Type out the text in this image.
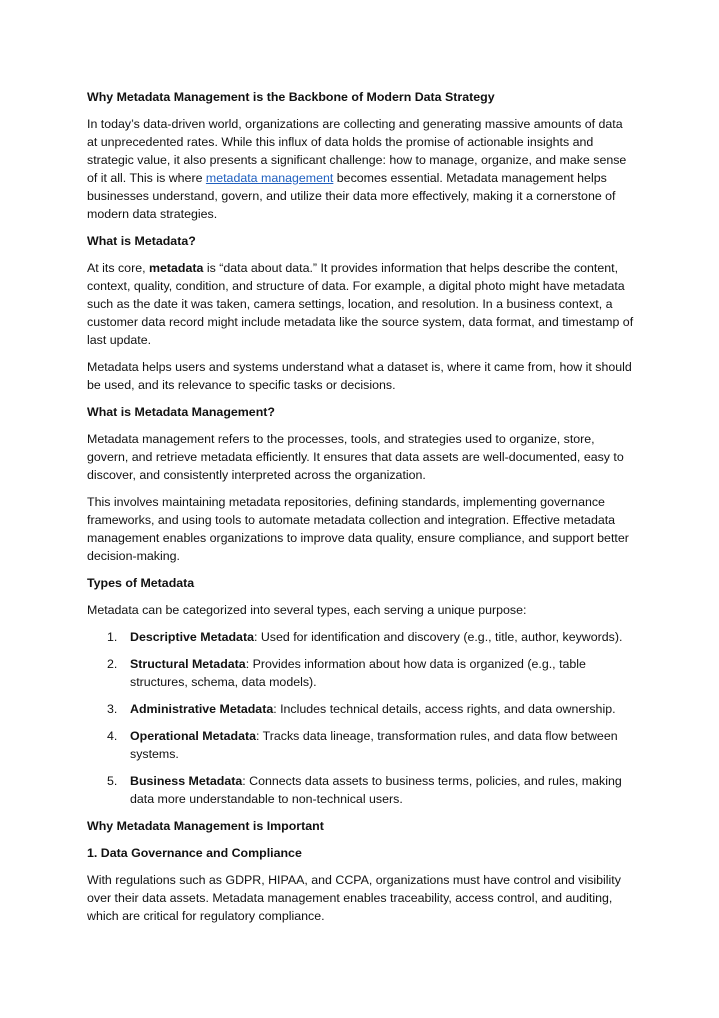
Why Metadata Management is the Backbone of Modern Data Strategy

In today’s data-driven world, organizations are collecting and generating massive amounts of data at unprecedented rates. While this influx of data holds the promise of actionable insights and strategic value, it also presents a significant challenge: how to manage, organize, and make sense of it all. This is where metadata management becomes essential. Metadata management helps businesses understand, govern, and utilize their data more effectively, making it a cornerstone of modern data strategies.

What is Metadata?

At its core, metadata is “data about data.” It provides information that helps describe the content, context, quality, condition, and structure of data. For example, a digital photo might have metadata such as the date it was taken, camera settings, location, and resolution. In a business context, a customer data record might include metadata like the source system, data format, and timestamp of last update.

Metadata helps users and systems understand what a dataset is, where it came from, how it should be used, and its relevance to specific tasks or decisions.

What is Metadata Management?

Metadata management refers to the processes, tools, and strategies used to organize, store, govern, and retrieve metadata efficiently. It ensures that data assets are well-documented, easy to discover, and consistently interpreted across the organization.

This involves maintaining metadata repositories, defining standards, implementing governance frameworks, and using tools to automate metadata collection and integration. Effective metadata management enables organizations to improve data quality, ensure compliance, and support better decision-making.

Types of Metadata

Metadata can be categorized into several types, each serving a unique purpose:

1. Descriptive Metadata: Used for identification and discovery (e.g., title, author, keywords).
2. Structural Metadata: Provides information about how data is organized (e.g., table structures, schema, data models).
3. Administrative Metadata: Includes technical details, access rights, and data ownership.
4. Operational Metadata: Tracks data lineage, transformation rules, and data flow between systems.
5. Business Metadata: Connects data assets to business terms, policies, and rules, making data more understandable to non-technical users.
Why Metadata Management is Important
1. Data Governance and Compliance

With regulations such as GDPR, HIPAA, and CCPA, organizations must have control and visibility over their data assets. Metadata management enables traceability, access control, and auditing, which are critical for regulatory compliance.
